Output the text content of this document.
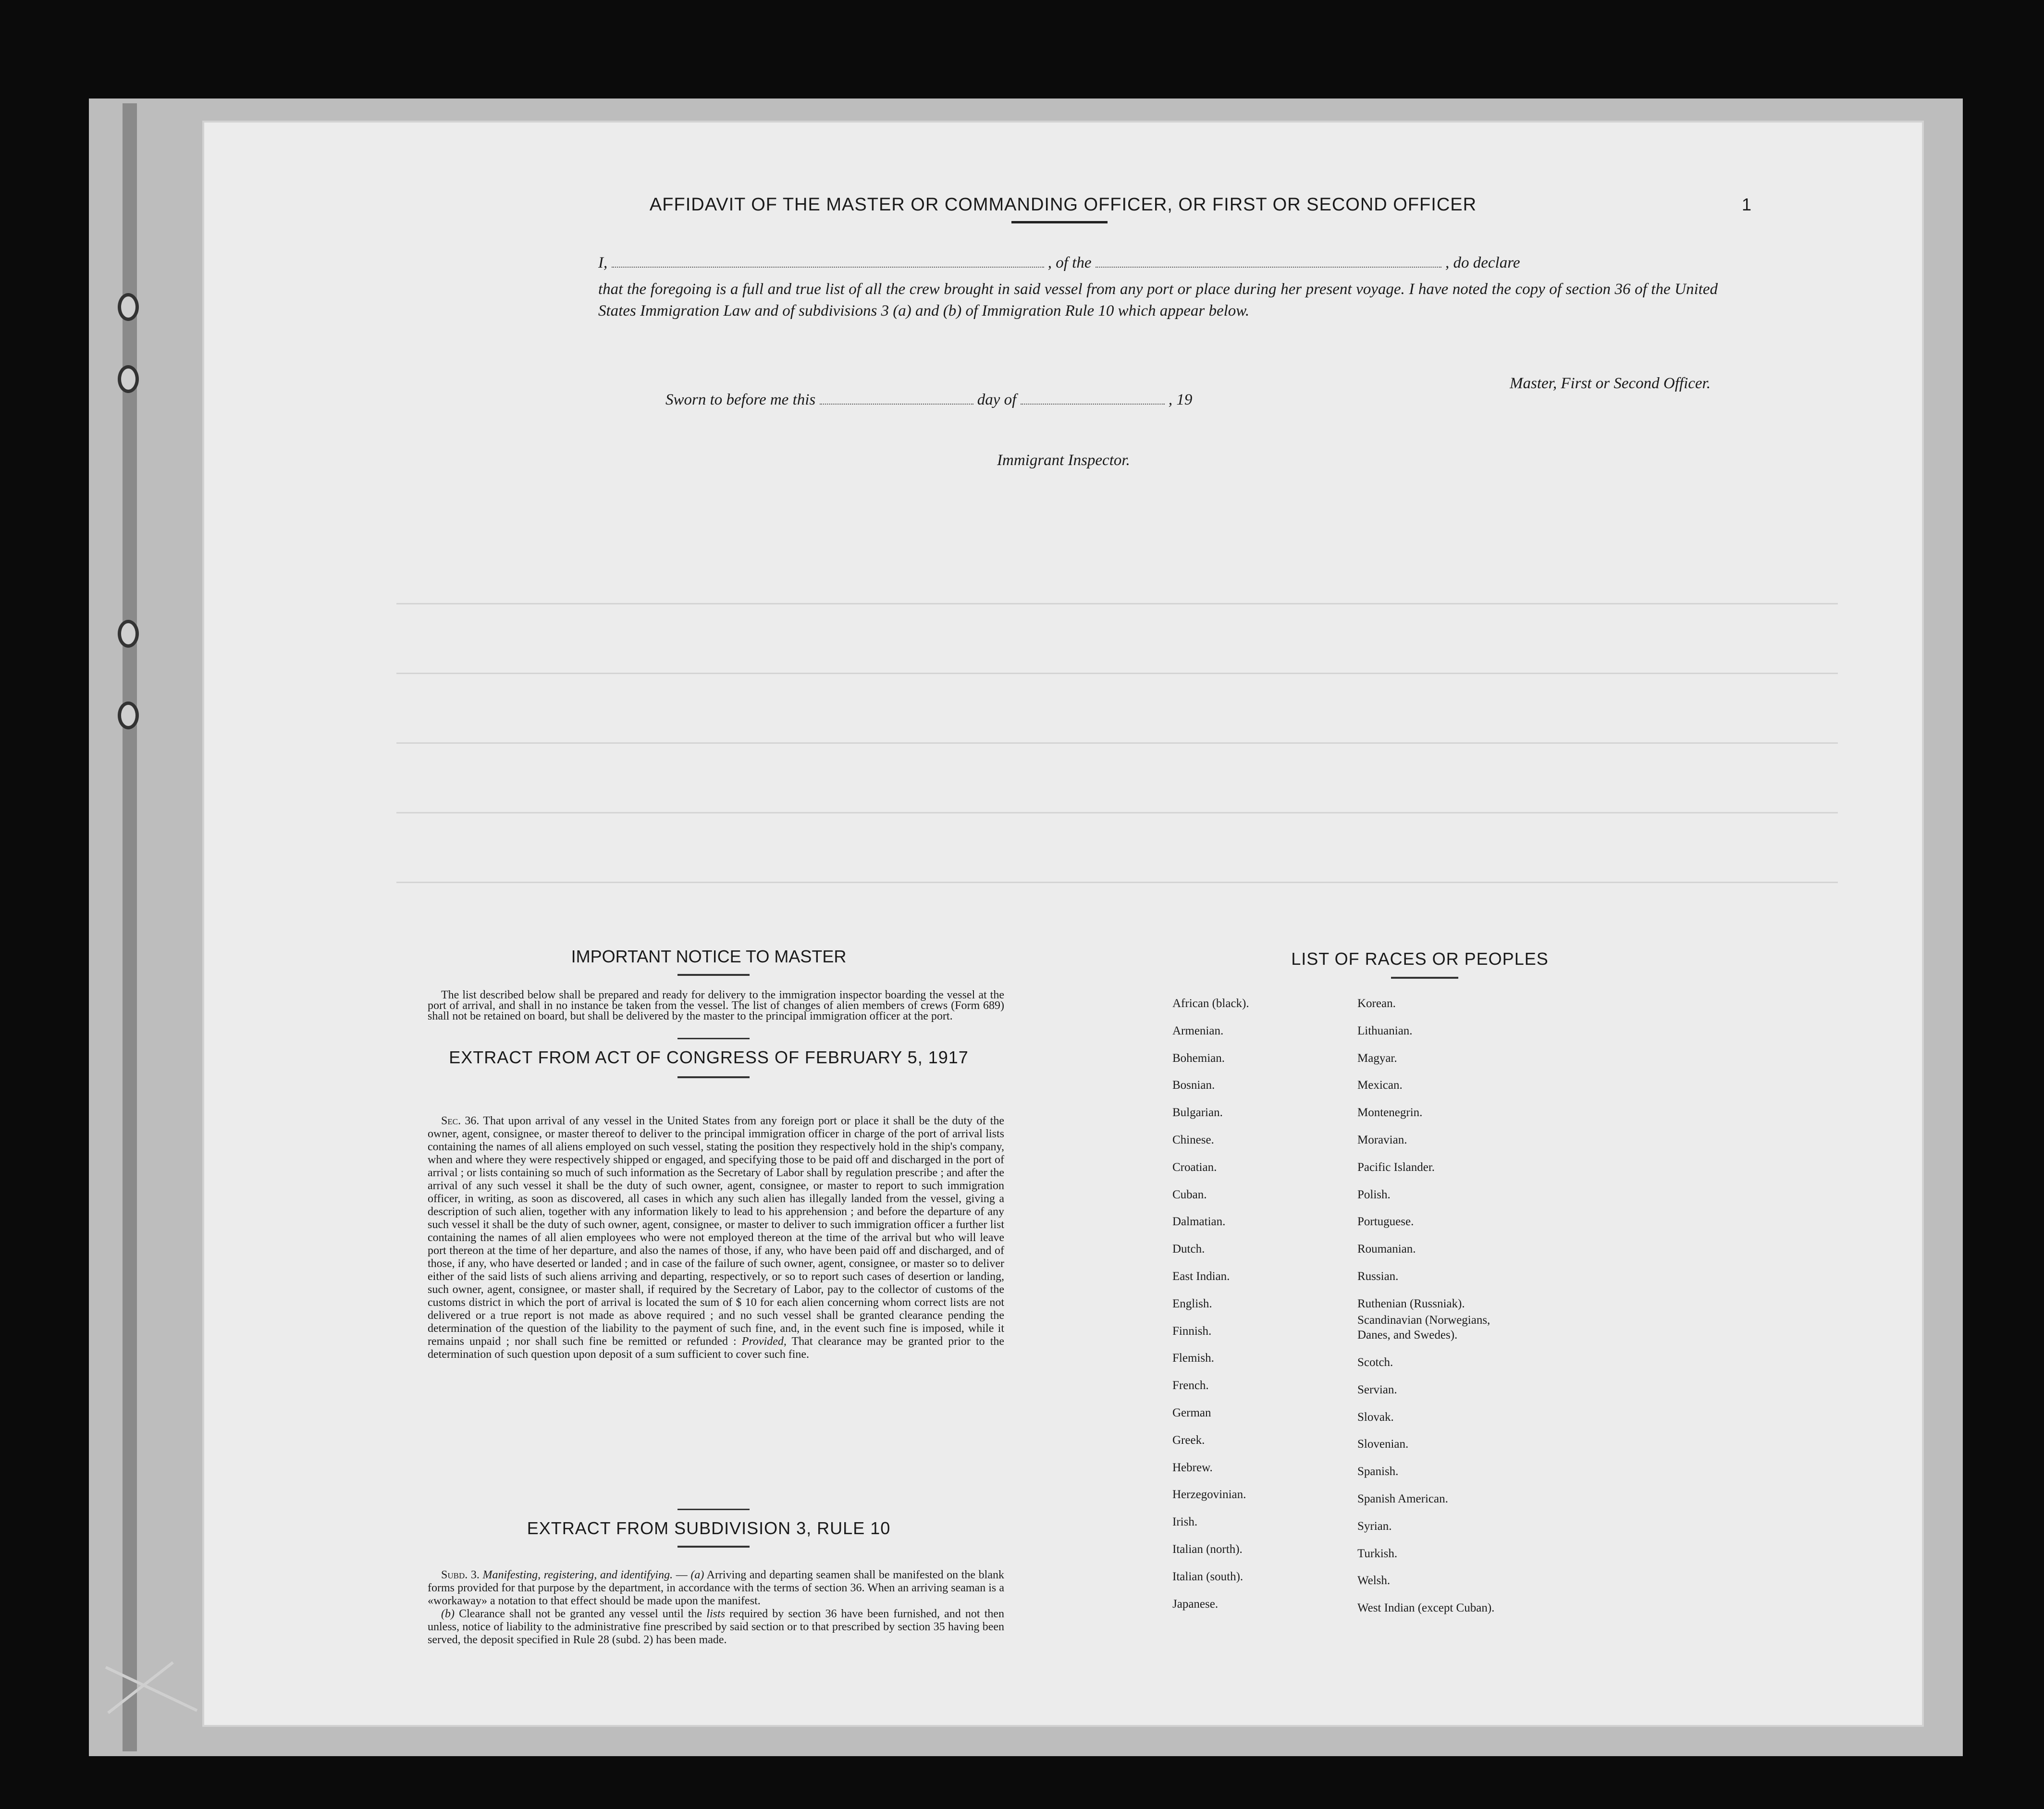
AFFIDAVIT OF THE MASTER OR COMMANDING OFFICER, OR FIRST OR SECOND OFFICER	1
I,	, of the	, do declare
that the foregoing is a full and true list of all the crew brought in said vessel from any port or place during her present voyage. I have noted the copy of section 36 of the United States Immigration Law and of subdivisions 3 (a) and (b) of Immigration Rule 10 which appear below.
Master, First or Second Officer.
Sworn to before me this	day of	, 19
Immigrant Inspector.
IMPORTANT NOTICE TO MASTER
The list described below shall be prepared and ready for delivery to the immigration inspector boarding the vessel at the port of arrival, and shall in no instance be taken from the vessel. The list of changes of alien members of crews (Form 689) shall not be retained on board, but shall be delivered by the master to the principal immigration officer at the port.
EXTRACT FROM ACT OF CONGRESS OF FEBRUARY 5, 1917
Sec. 36. That upon arrival of any vessel in the United States from any foreign port or place it shall be the duty of the owner, agent, consignee, or master thereof to deliver to the principal immigration officer in charge of the port of arrival lists containing the names of all aliens employed on such vessel, stating the position they respectively hold in the ship's company, when and where they were respectively shipped or engaged, and specifying those to be paid off and discharged in the port of arrival ; or lists containing so much of such information as the Secretary of Labor shall by regulation prescribe ; and after the arrival of any such vessel it shall be the duty of such owner, agent, consignee, or master to report to such immigration officer, in writing, as soon as discovered, all cases in which any such alien has illegally landed from the vessel, giving a description of such alien, together with any information likely to lead to his apprehension ; and before the departure of any such vessel it shall be the duty of such owner, agent, consignee, or master to deliver to such immigration officer a further list containing the names of all alien employees who were not employed thereon at the time of the arrival but who will leave port thereon at the time of her departure, and also the names of those, if any, who have been paid off and discharged, and of those, if any, who have deserted or landed ; and in case of the failure of such owner, agent, consignee, or master so to deliver either of the said lists of such aliens arriving and departing, respectively, or so to report such cases of desertion or landing, such owner, agent, consignee, or master shall, if required by the Secretary of Labor, pay to the collector of customs of the customs district in which the port of arrival is located the sum of $ 10 for each alien concerning whom correct lists are not delivered or a true report is not made as above required ; and no such vessel shall be granted clearance pending the determination of the question of the liability to the payment of such fine, and, in the event such fine is imposed, while it remains unpaid ; nor shall such fine be remitted or refunded : Provided, That clearance may be granted prior to the determination of such question upon deposit of a sum sufficient to cover such fine.
EXTRACT FROM SUBDIVISION 3, RULE 10
Subd. 3. Manifesting, registering, and identifying. — (a) Arriving and departing seamen shall be manifested on the blank forms provided for that purpose by the department, in accordance with the terms of section 36. When an arriving seaman is a «workaway» a notation to that effect should be made upon the manifest.
(b) Clearance shall not be granted any vessel until the lists required by section 36 have been furnished, and not then unless, notice of liability to the administrative fine prescribed by said section or to that prescribed by section 35 having been served, the deposit specified in Rule 28 (subd. 2) has been made.
LIST OF RACES OR PEOPLES
African (black).
Armenian.
Bohemian.
Bosnian.
Bulgarian.
Chinese.
Croatian.
Cuban.
Dalmatian.
Dutch.
East Indian.
English.
Finnish.
Flemish.
French.
German
Greek.
Hebrew.
Herzegovinian.
Irish.
Italian (north).
Italian (south).
Japanese.
Korean.
Lithuanian.
Magyar.
Mexican.
Montenegrin.
Moravian.
Pacific Islander.
Polish.
Portuguese.
Roumanian.
Russian.
Ruthenian (Russniak).
Scandinavian (Norwegians,
Danes, and Swedes).
Scotch.
Servian.
Slovak.
Slovenian.
Spanish.
Spanish American.
Syrian.
Turkish.
Welsh.
West Indian (except Cuban).
